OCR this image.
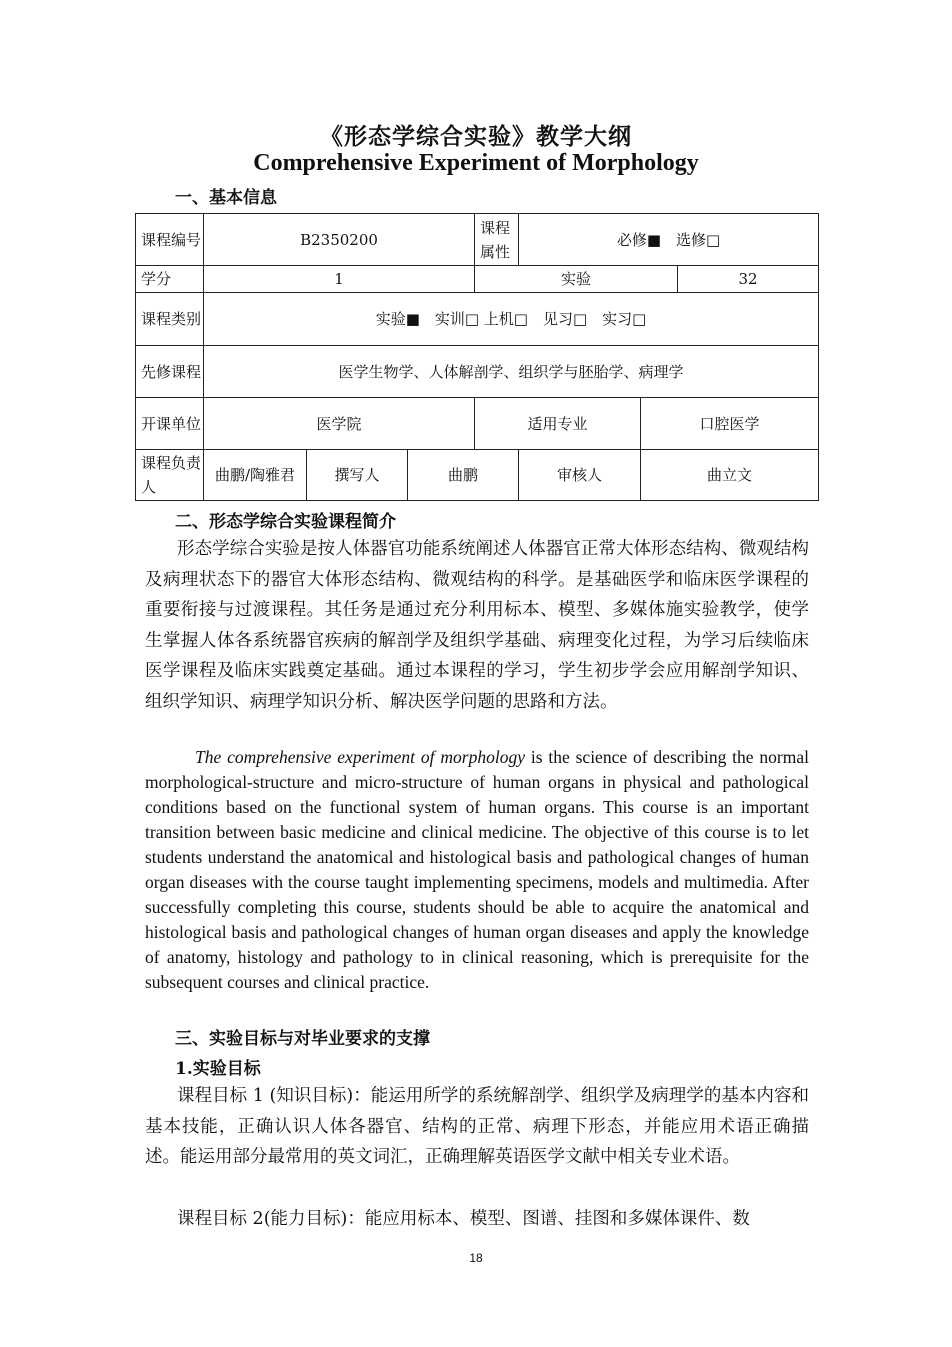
《形态学综合实验》教学大纲
Comprehensive Experiment of Morphology
一、基本信息
课程编号	B2350200			课程属性	必修■　选修□		
学分	1			实验			32
课程类别	实验■　实训□ 上机□　见习□　实习□						
先修课程	医学生物学、人体解剖学、组织学与胚胎学、病理学						
开课单位	医学院			适用专业		口腔医学	
课程负责人	曲鹏/陶雅君	撰写人	曲鹏		审核人	曲立文	
二、形态学综合实验课程简介
形态学综合实验是按人体器官功能系统阐述人体器官正常大体形态结构、微观结构及病理状态下的器官大体形态结构、微观结构的科学。是基础医学和临床医学课程的重要衔接与过渡课程。其任务是通过充分利用标本、模型、多媒体施实验教学，使学生掌握人体各系统器官疾病的解剖学及组织学基础、病理变化过程，为学习后续临床医学课程及临床实践奠定基础。通过本课程的学习，学生初步学会应用解剖学知识、组织学知识、病理学知识分析、解决医学问题的思路和方法。
The comprehensive experiment of morphology is the science of describing the normal morphological-structure and micro-structure of human organs in physical and pathological conditions based on the functional system of human organs. This course is an important transition between basic medicine and clinical medicine. The objective of this course is to let students understand the anatomical and histological basis and pathological changes of human organ diseases with the course taught implementing specimens, models and multimedia. After successfully completing this course, students should be able to acquire the anatomical and histological basis and pathological changes of human organ diseases and apply the knowledge of anatomy, histology and pathology to in clinical reasoning, which is prerequisite for the subsequent courses and clinical practice.
三、实验目标与对毕业要求的支撑
1.实验目标
课程目标 1 (知识目标)：能运用所学的系统解剖学、组织学及病理学的基本内容和基本技能，正确认识人体各器官、结构的正常、病理下形态，并能应用术语正确描述。能运用部分最常用的英文词汇，正确理解英语医学文献中相关专业术语。
课程目标 2(能力目标)：能应用标本、模型、图谱、挂图和多媒体课件、数
18
